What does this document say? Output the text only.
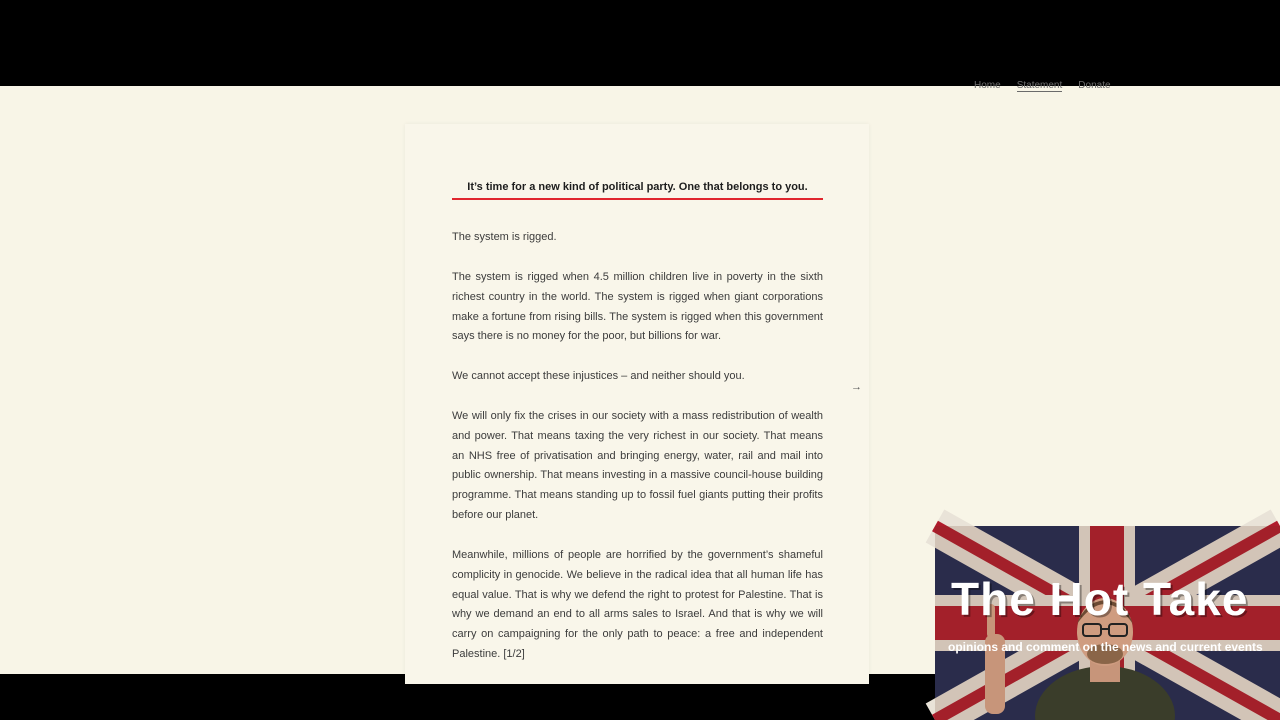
Home Statement Donate
It’s time for a new kind of political party. One that belongs to you.

The system is rigged.

The system is rigged when 4.5 million children live in poverty in the sixth richest country in the world. The system is rigged when giant corporations make a fortune from rising bills. The system is rigged when this government says there is no money for the poor, but billions for war.

We cannot accept these injustices – and neither should you.

We will only fix the crises in our society with a mass redistribution of wealth and power. That means taxing the very richest in our society. That means an NHS free of privatisation and bringing energy, water, rail and mail into public ownership. That means investing in a massive council-house building programme. That means standing up to fossil fuel giants putting their profits before our planet.

Meanwhile, millions of people are horrified by the government’s shameful complicity in genocide. We believe in the radical idea that all human life has equal value. That is why we defend the right to protest for Palestine. That is why we demand an end to all arms sales to Israel. And that is why we will carry on campaigning for the only path to peace: a free and independent Palestine. [1/2]

→
The Hot Take
opinions and comment on the news and current events
